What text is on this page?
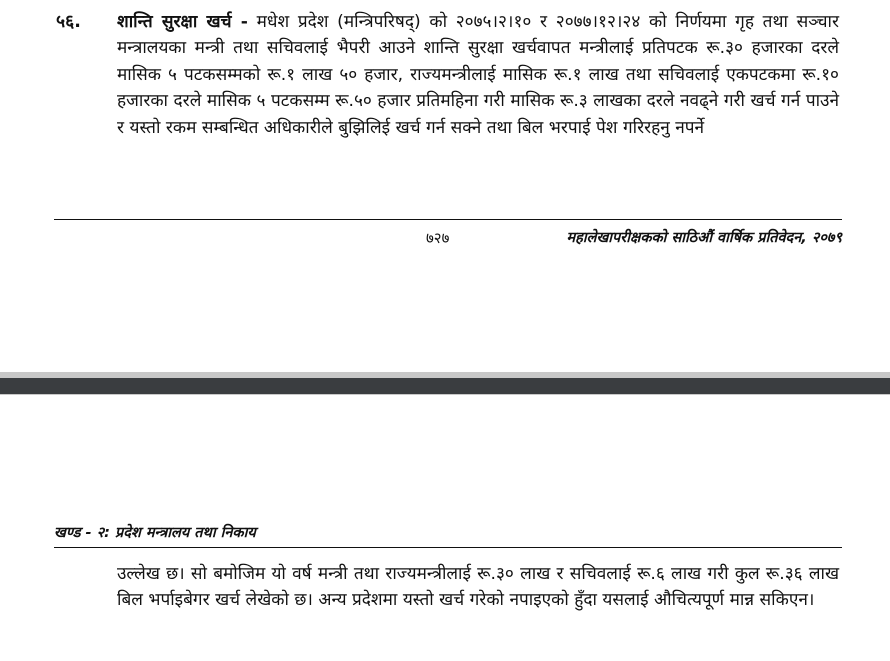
५६. शान्ति सुरक्षा खर्च - मधेश प्रदेश (मन्त्रिपरिषद्) को २०७५।२।१० र २०७७।१२।२४ को निर्णयमा गृह तथा सञ्चार मन्त्रालयका मन्त्री तथा सचिवलाई भैपरी आउने शान्ति सुरक्षा खर्चवापत मन्त्रीलाई प्रतिपटक रू.३० हजारका दरले मासिक ५ पटकसम्मको रू.१ लाख ५० हजार, राज्यमन्त्रीलाई मासिक रू.१ लाख तथा सचिवलाई एकपटकमा रू.१० हजारका दरले मासिक ५ पटकसम्म रू.५० हजार प्रतिमहिना गरी मासिक रू.३ लाखका दरले नवढ्ने गरी खर्च गर्न पाउने र यस्तो रकम सम्बन्धित अधिकारीले बुझिलिई खर्च गर्न सक्ने तथा बिल भरपाई पेश गरिरहनु नपर्ने

७२७	महालेखापरीक्षकको साठिऔं वार्षिक प्रतिवेदन, २०७९

खण्ड - २: प्रदेश मन्त्रालय तथा निकाय

उल्लेख छ। सो बमोजिम यो वर्ष मन्त्री तथा राज्यमन्त्रीलाई रू.३० लाख र सचिवलाई रू.६ लाख गरी कुल रू.३६ लाख बिल भर्पाइबेगर खर्च लेखेको छ। अन्य प्रदेशमा यस्तो खर्च गरेको नपाइएको हुँदा यसलाई औचित्यपूर्ण मान्न सकिएन।
